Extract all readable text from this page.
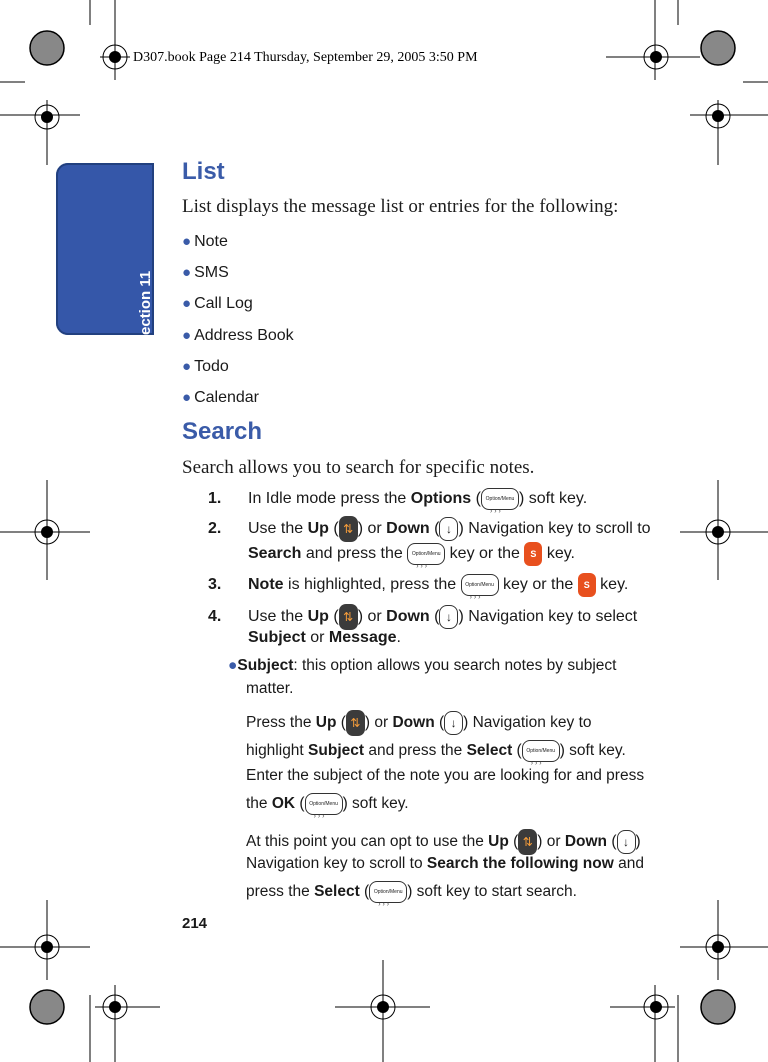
D307.book Page 214 Thursday, September 29, 2005 3:50 PM
Section 11
List
List displays the message list or entries for the following:
● Note
● SMS
● Call Log
● Address Book
● Todo
● Calendar
Search
Search allows you to search for specific notes.
1. In Idle mode press the Options ( Option/Menu › › › ) soft key.
2. Use the Up ( ⇅ ) or Down ( ↓ ) Navigation key to scroll to
Search and press the Option/Menu › › › key or the S key.
3. Note is highlighted, press the Option/Menu › › › key or the S key.
4. Use the Up ( ⇅ ) or Down ( ↓ ) Navigation key to select
Subject or Message.
●Subject: this option allows you search notes by subject
matter.
Press the Up ( ⇅ ) or Down ( ↓ ) Navigation key to
highlight Subject and press the Select ( Option/Menu › › › ) soft key.
Enter the subject of the note you are looking for and press
the OK ( Option/Menu › › › ) soft key.
At this point you can opt to use the Up ( ⇅ ) or Down ( ↓ )
Navigation key to scroll to Search the following now and
press the Select ( Option/Menu › › › ) soft key to start search.
214
